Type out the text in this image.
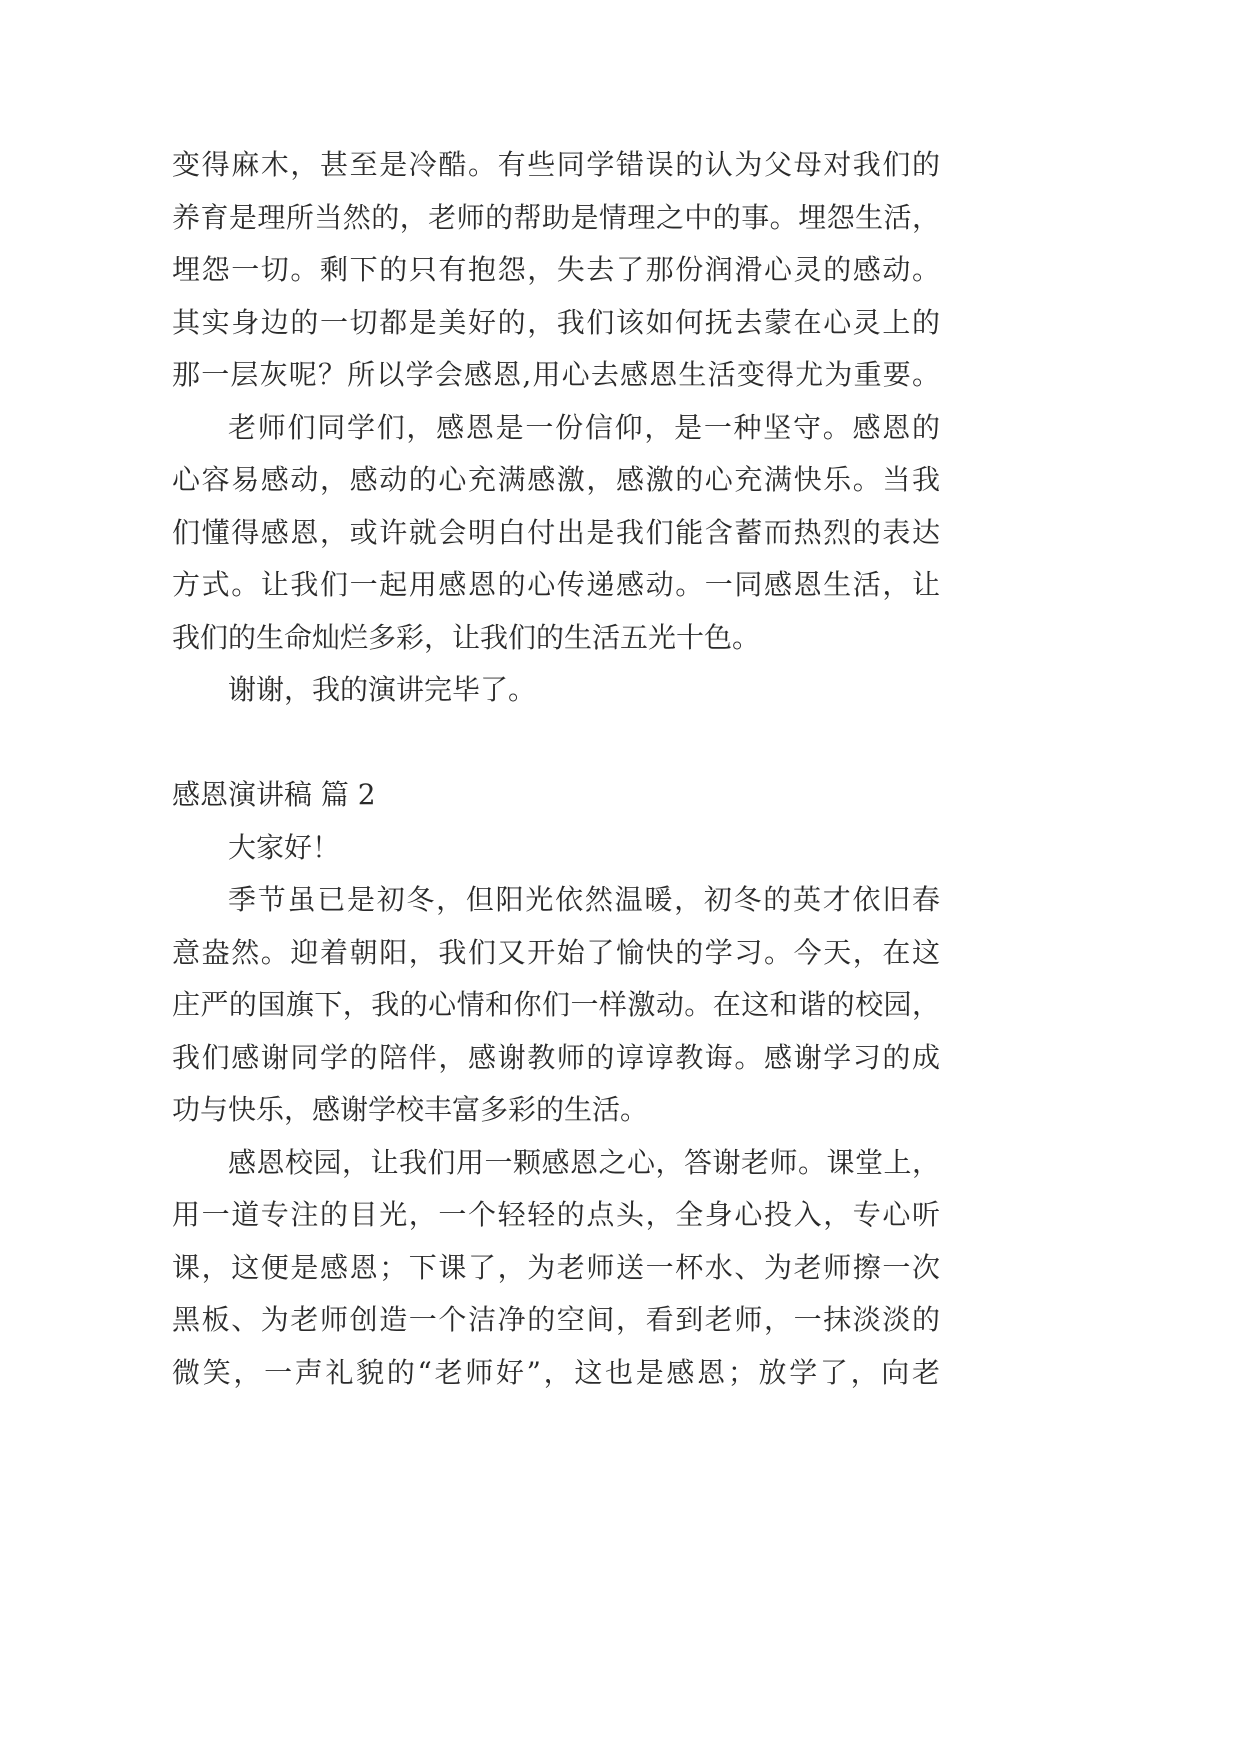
变得麻木，甚至是冷酷。有些同学错误的认为父母对我们的
养育是理所当然的，老师的帮助是情理之中的事。埋怨生活，
埋怨一切。剩下的只有抱怨，失去了那份润滑心灵的感动。
其实身边的一切都是美好的，我们该如何抚去蒙在心灵上的
那一层灰呢？所以学会感恩,用心去感恩生活变得尤为重要。
老师们同学们，感恩是一份信仰，是一种坚守。感恩的
心容易感动，感动的心充满感激，感激的心充满快乐。当我
们懂得感恩，或许就会明白付出是我们能含蓄而热烈的表达
方式。让我们一起用感恩的心传递感动。一同感恩生活，让
我们的生命灿烂多彩，让我们的生活五光十色。
谢谢，我的演讲完毕了。
感恩演讲稿 篇 2
大家好！
季节虽已是初冬，但阳光依然温暖，初冬的英才依旧春
意盎然。迎着朝阳，我们又开始了愉快的学习。今天，在这
庄严的国旗下，我的心情和你们一样激动。在这和谐的校园，
我们感谢同学的陪伴，感谢教师的谆谆教诲。感谢学习的成
功与快乐，感谢学校丰富多彩的生活。
感恩校园，让我们用一颗感恩之心，答谢老师。课堂上，
用一道专注的目光，一个轻轻的点头，全身心投入，专心听
课，这便是感恩；下课了，为老师送一杯水、为老师擦一次
黑板、为老师创造一个洁净的空间，看到老师，一抹淡淡的
微笑，一声礼貌的“老师好”，这也是感恩；放学了，向老
